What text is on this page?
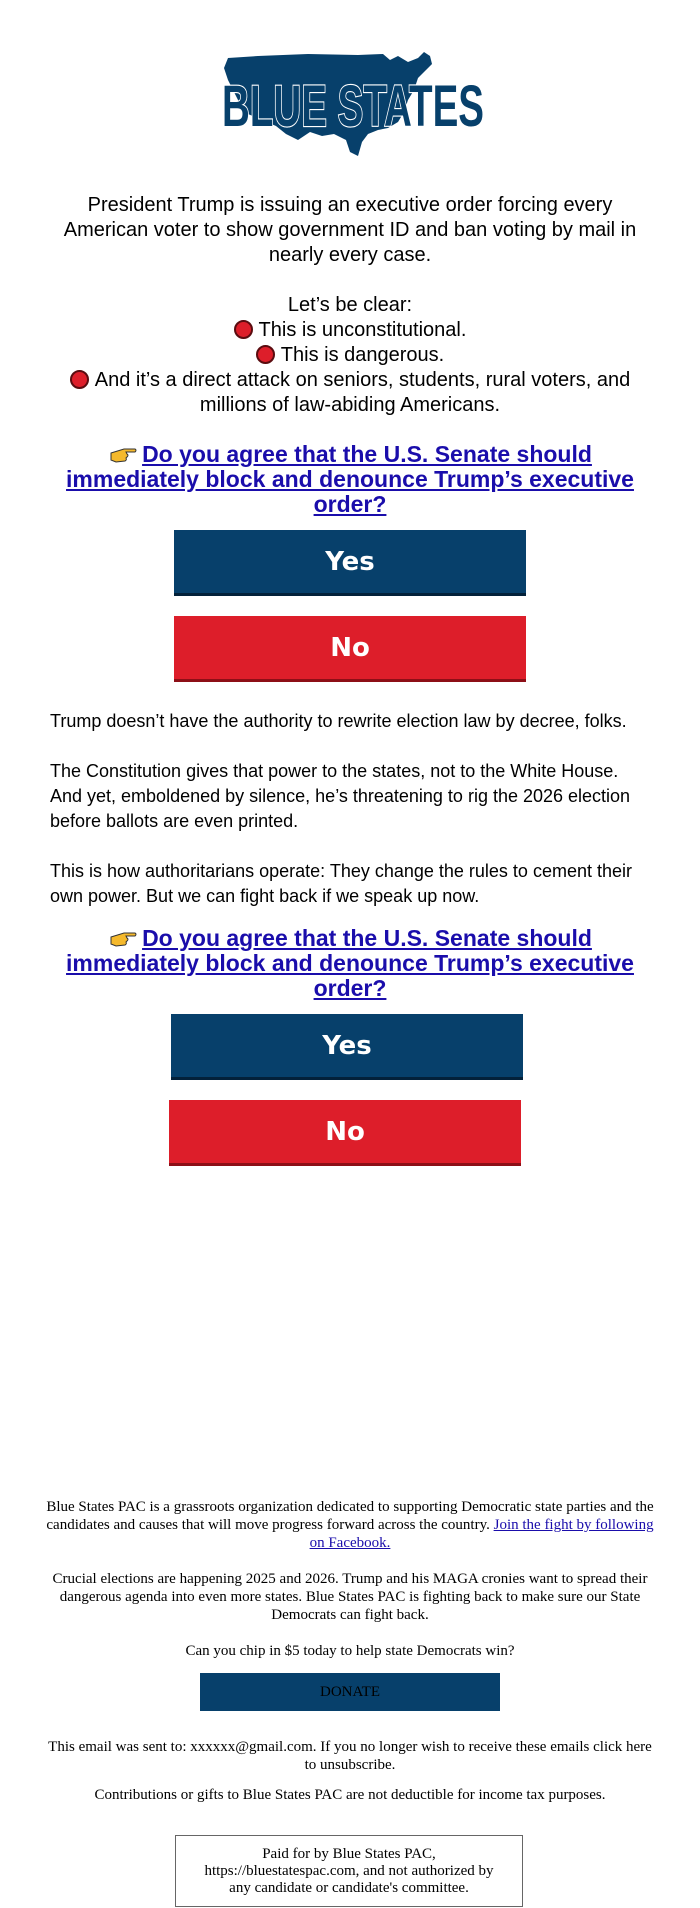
BLUE STATES

President Trump is issuing an executive order forcing every American voter to show government ID and ban voting by mail in nearly every case.

Let’s be clear:

This is unconstitutional.

This is dangerous.

And it’s a direct attack on seniors, students, rural voters, and millions of law-abiding Americans.

Do you agree that the U.S. Senate should immediately block and denounce Trump’s executive order?
Yes
No

Trump doesn’t have the authority to rewrite election law by decree, folks.

The Constitution gives that power to the states, not to the White House. And yet, emboldened by silence, he’s threatening to rig the 2026 election before ballots are even printed.

This is how authoritarians operate: They change the rules to cement their own power. But we can fight back if we speak up now.

Do you agree that the U.S. Senate should immediately block and denounce Trump’s executive order?
Yes
No

Blue States PAC is a grassroots organization dedicated to supporting Democratic state parties and the candidates and causes that will move progress forward across the country. Join the fight by following on Facebook.

Crucial elections are happening 2025 and 2026. Trump and his MAGA cronies want to spread their dangerous agenda into even more states. Blue States PAC is fighting back to make sure our State Democrats can fight back.

Can you chip in $5 today to help state Democrats win?

DONATE

This email was sent to: xxxxxx@gmail.com. If you no longer wish to receive these emails click here to unsubscribe.

Contributions or gifts to Blue States PAC are not deductible for income tax purposes.

Paid for by Blue States PAC, https://bluestatespac.com, and not authorized by any candidate or candidate's committee.
